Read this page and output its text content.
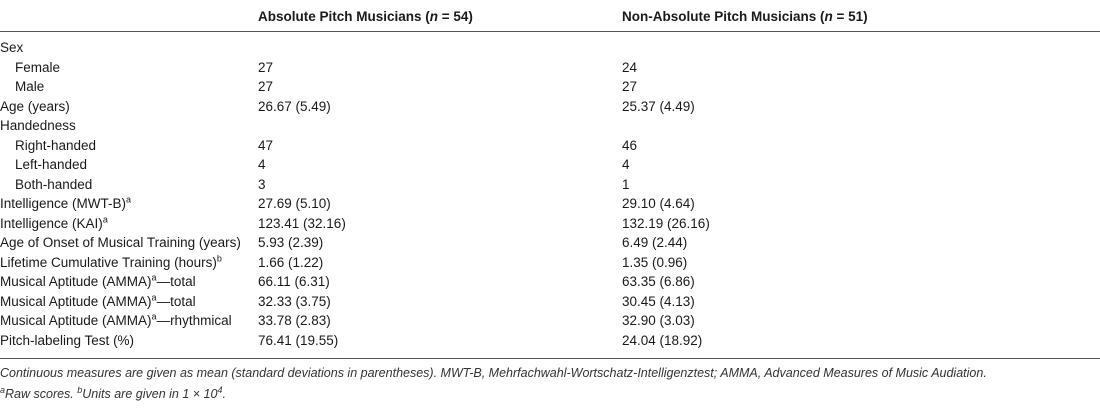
Absolute Pitch Musicians (n = 54)	Non-Absolute Pitch Musicians (n = 51)
Sex
Female	27	24
Male	27	27
Age (years)	26.67 (5.49)	25.37 (4.49)
Handedness
Right-handed	47	46
Left-handed	4	4
Both-handed	3	1
Intelligence $(MWT-B)^a$	27.69 (5.10)	29.10 (4.64)
Intelligence (KAI)$^a$	123.41 (32.16)	132.19 (26.16)
Age of Onset of Musical Training (years) 5.93 (2.39)	6.49 (2.44)
Lifetime Cumulative Training (hours)$^b$	1.66 (1.22)	1.35 (0.96)
Musical Aptitude (AMMA)$^a$—total	66.11 (6.31)	63.35 (6.86)
Musical Aptitude (AMMA)$^a$—total	32.33 (3.75)	30.45 (4.13)
Musical Aptitude (AMMA)$^a$—rhythmical 33.78 (2.83)	32.90 (3.03)
Pitch-labeling Test (%)	76.41 (19.55)	24.04 (18.92)
Continuous measures are given as mean (standard deviations in parentheses). MWT-B, Mehrfachwahl-Wortschatz-Intelligenztest; AMMA, Advanced Measures of Music Audiation.
$^a$Raw scores. $^b$Units are given in $1 \times 10^4$.
